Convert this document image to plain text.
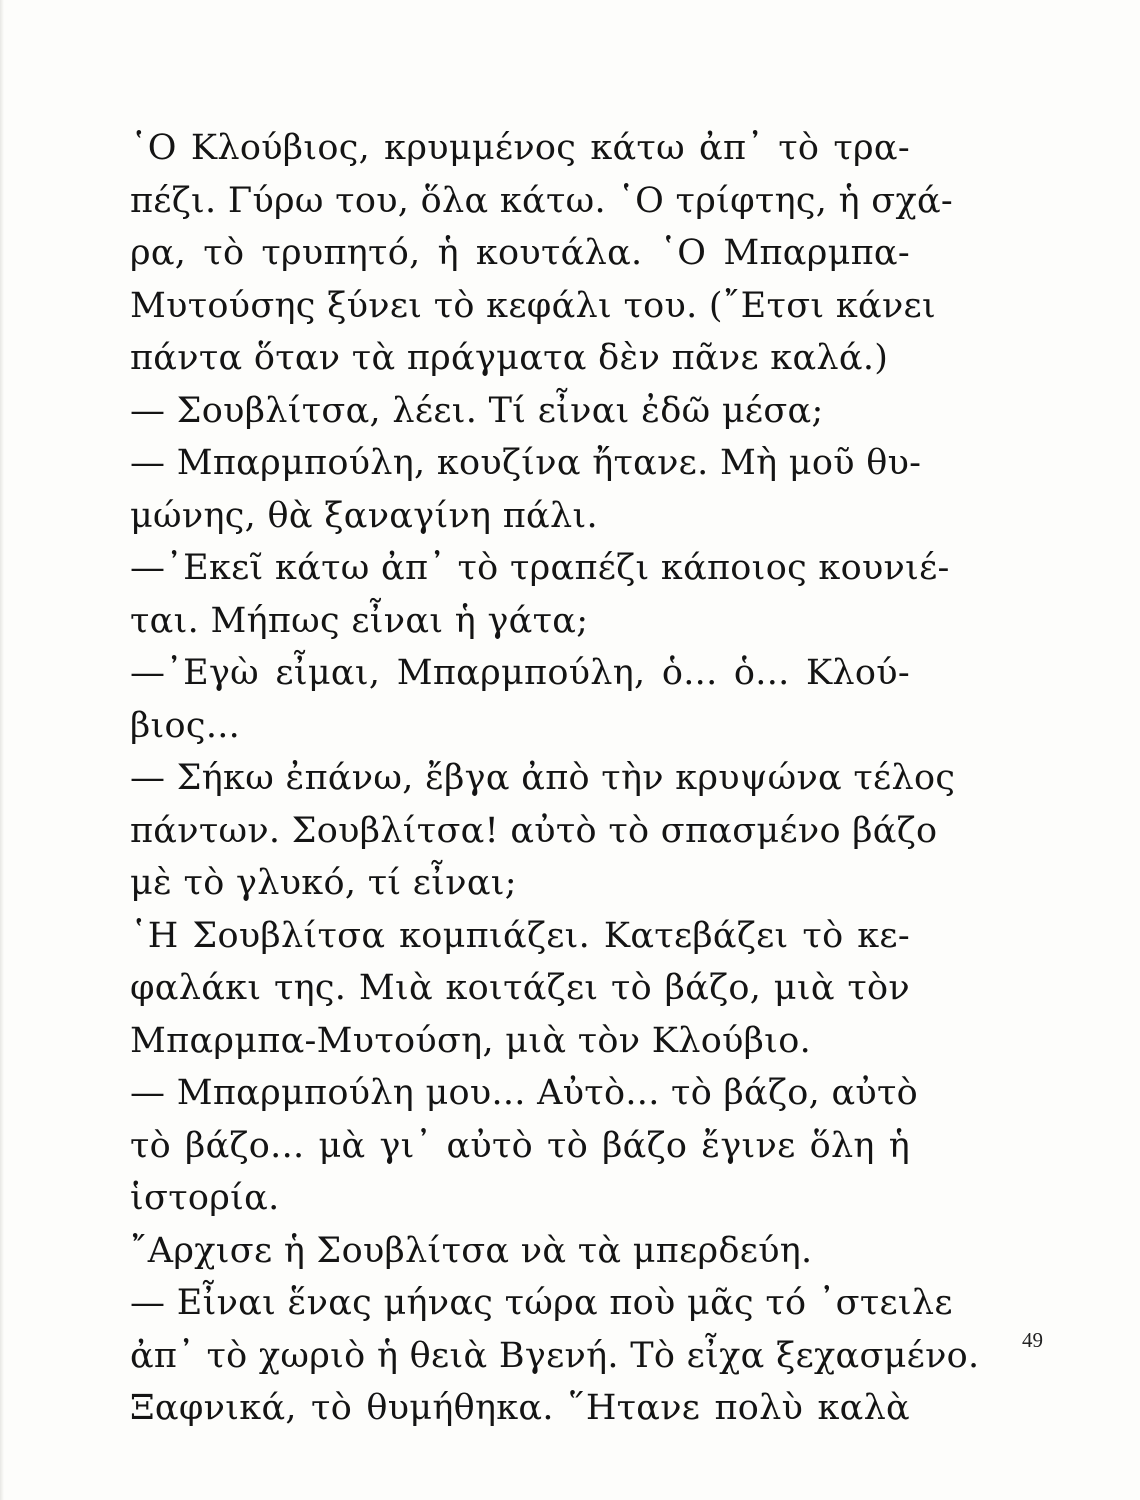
῾Ο Κλούβιος, κρυμμένος κάτω ἀπ᾿ τὸ τρα-
πέζι. Γύρω του, ὅλα κάτω. ῾Ο τρίφτης, ἡ σχά-
ρα, τὸ τρυπητό, ἡ κουτάλα. ῾Ο Μπαρμπα-
Μυτούσης ξύνει τὸ κεφάλι του. (῎Ετσι κάνει
πάντα ὅταν τὰ πράγματα δὲν πᾶνε καλά.)
— Σουβλίτσα, λέει. Τί εἶναι ἐδῶ μέσα;
— Μπαρμπούλη, κουζίνα ἤτανε. Μὴ μοῦ θυ-
μώνης, θὰ ξαναγίνη πάλι.
—᾿Εκεῖ κάτω ἀπ᾿ τὸ τραπέζι κάποιος κουνιέ-
ται. Μήπως εἶναι ἡ γάτα;
—᾿Εγὼ εἶμαι, Μπαρμπούλη, ὁ... ὁ... Κλού-
βιος...
— Σήκω ἐπάνω, ἔβγα ἀπὸ τὴν κρυψώνα τέλος
πάντων. Σουβλίτσα! αὐτὸ τὸ σπασμένο βάζο
μὲ τὸ γλυκό, τί εἶναι;
῾Η Σουβλίτσα κομπιάζει. Κατεβάζει τὸ κε-
φαλάκι της. Μιὰ κοιτάζει τὸ βάζο, μιὰ τὸν
Μπαρμπα-Μυτούση, μιὰ τὸν Κλούβιο.
— Μπαρμπούλη μου... Αὐτὸ... τὸ βάζο, αὐτὸ
τὸ βάζο... μὰ γι᾿ αὐτὸ τὸ βάζο ἔγινε ὅλη ἡ
ἱστορία.
῎Αρχισε ἡ Σουβλίτσα νὰ τὰ μπερδεύη.
— Εἶναι ἕνας μήνας τώρα ποὺ μᾶς τό ᾿στειλε
ἀπ᾿ τὸ χωριὸ ἡ θειὰ Βγενή. Τὸ εἶχα ξεχασμένο.
Ξαφνικά, τὸ θυμήθηκα. ῞Ητανε πολὺ καλὰ
49
